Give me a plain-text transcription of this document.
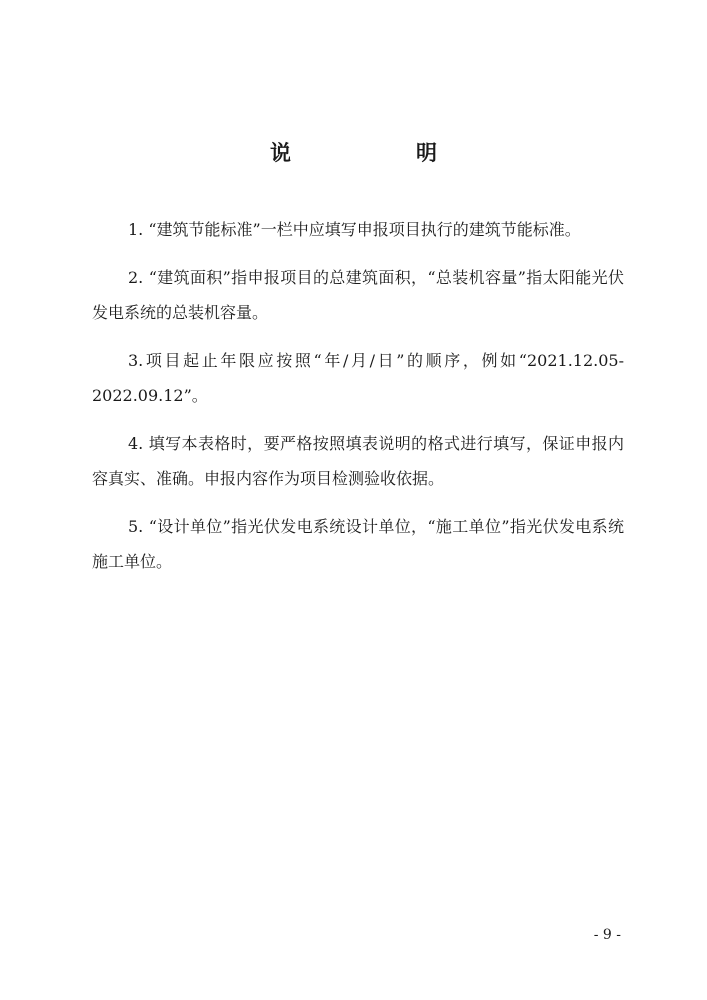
说　明

1. “建筑节能标准”一栏中应填写申报项目执行的建筑节能标准。

2. “建筑面积”指申报项目的总建筑面积，“总装机容量”指太阳能光伏发电系统的总装机容量。

3.项目起止年限应按照“年/月/日”的顺序，例如“2021.12.05-2022.09.12”。

4. 填写本表格时，要严格按照填表说明的格式进行填写，保证申报内容真实、准确。申报内容作为项目检测验收依据。

5. “设计单位”指光伏发电系统设计单位，“施工单位”指光伏发电系统施工单位。

- 9 -
